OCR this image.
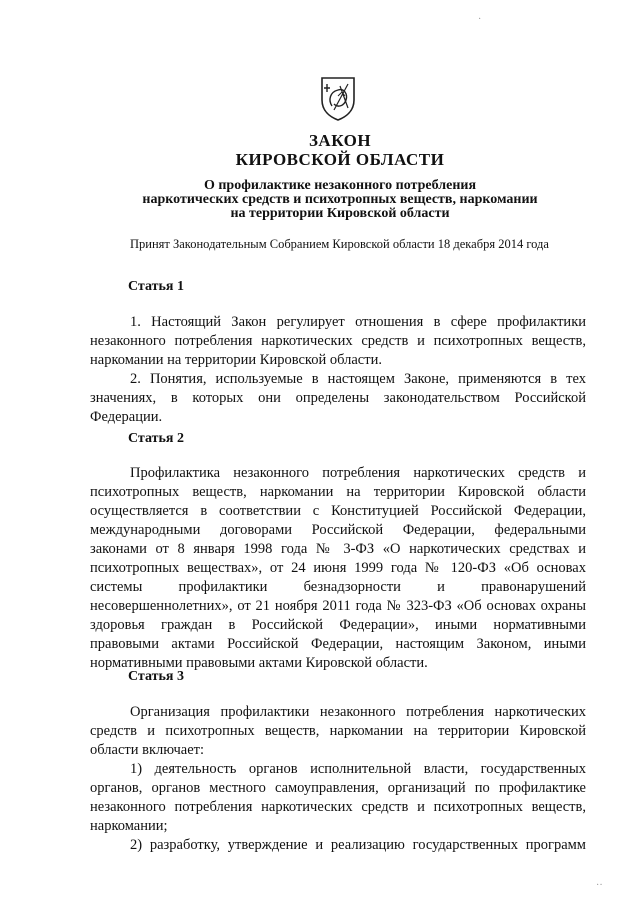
ЗАКОН
КИРОВСКОЙ ОБЛАСТИ
О профилактике незаконного потребления
наркотических средств и психотропных веществ, наркомании
на территории Кировской области
Принят Законодательным Собранием Кировской области 18 декабря 2014 года
Статья 1

1. Настоящий Закон регулирует отношения в сфере профилактики
незаконного потребления наркотических средств и психотропных веществ,
наркомании на территории Кировской области.

2. Понятия, используемые в настоящем Законе, применяются в тех
значениях, в которых они определены законодательством Российской
Федерации.

Статья 2

Профилактика незаконного потребления наркотических средств и
психотропных веществ, наркомании на территории Кировской области
осуществляется в соответствии с Конституцией Российской Федерации,
международными договорами Российской Федерации, федеральными
законами от 8 января 1998 года № 3-ФЗ «О наркотических средствах и
психотропных веществах», от 24 июня 1999 года № 120-ФЗ «Об основах
системы профилактики безнадзорности и правонарушений
несовершеннолетних», от 21 ноября 2011 года № 323-ФЗ «Об основах охраны
здоровья граждан в Российской Федерации», иными нормативными
правовыми актами Российской Федерации, настоящим Законом, иными
нормативными правовыми актами Кировской области.

Статья 3

Организация профилактики незаконного потребления наркотических
средств и психотропных веществ, наркомании на территории Кировской
области включает:

1) деятельность органов исполнительной власти, государственных
органов, органов местного самоуправления, организаций по профилактике
незаконного потребления наркотических средств и психотропных веществ,
наркомании;

2) разработку, утверждение и реализацию государственных программ

·
··
